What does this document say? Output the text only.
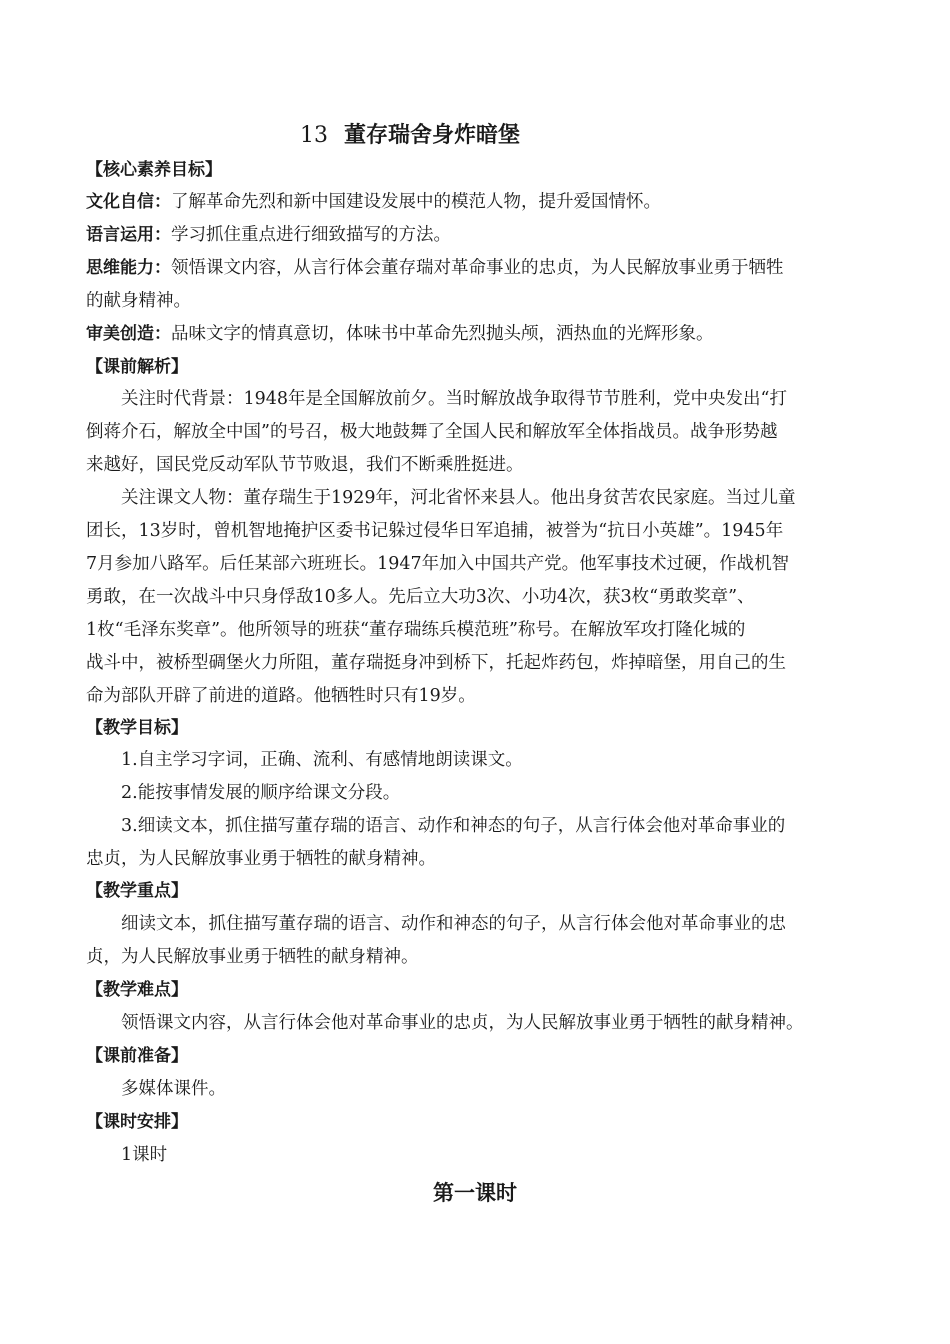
13 董存瑞舍身炸暗堡
【核心素养目标】
文化自信：了解革命先烈和新中国建设发展中的模范人物，提升爱国情怀。
语言运用：学习抓住重点进行细致描写的方法。
思维能力：领悟课文内容，从言行体会董存瑞对革命事业的忠贞，为人民解放事业勇于牺牲
的献身精神。
审美创造：品味文字的情真意切，体味书中革命先烈抛头颅，洒热血的光辉形象。
【课前解析】
关注时代背景：1948年是全国解放前夕。当时解放战争取得节节胜利，党中央发出“打
倒蒋介石，解放全中国”的号召，极大地鼓舞了全国人民和解放军全体指战员。战争形势越
来越好，国民党反动军队节节败退，我们不断乘胜挺进。
关注课文人物：董存瑞生于1929年，河北省怀来县人。他出身贫苦农民家庭。当过儿童
团长，13岁时，曾机智地掩护区委书记躲过侵华日军追捕，被誉为“抗日小英雄”。1945年
7月参加八路军。后任某部六班班长。1947年加入中国共产党。他军事技术过硬，作战机智
勇敢，在一次战斗中只身俘敌10多人。先后立大功3次、小功4次，获3枚“勇敢奖章”、
1枚“毛泽东奖章”。他所领导的班获“董存瑞练兵模范班”称号。在解放军攻打隆化城的
战斗中，被桥型碉堡火力所阻，董存瑞挺身冲到桥下，托起炸药包，炸掉暗堡，用自己的生
命为部队开辟了前进的道路。他牺牲时只有19岁。
【教学目标】
1.自主学习字词，正确、流利、有感情地朗读课文。
2.能按事情发展的顺序给课文分段。
3.细读文本，抓住描写董存瑞的语言、动作和神态的句子，从言行体会他对革命事业的
忠贞，为人民解放事业勇于牺牲的献身精神。
【教学重点】
细读文本，抓住描写董存瑞的语言、动作和神态的句子，从言行体会他对革命事业的忠
贞，为人民解放事业勇于牺牲的献身精神。
【教学难点】
领悟课文内容，从言行体会他对革命事业的忠贞，为人民解放事业勇于牺牲的献身精神。
【课前准备】
多媒体课件。
【课时安排】
1课时
第一课时
